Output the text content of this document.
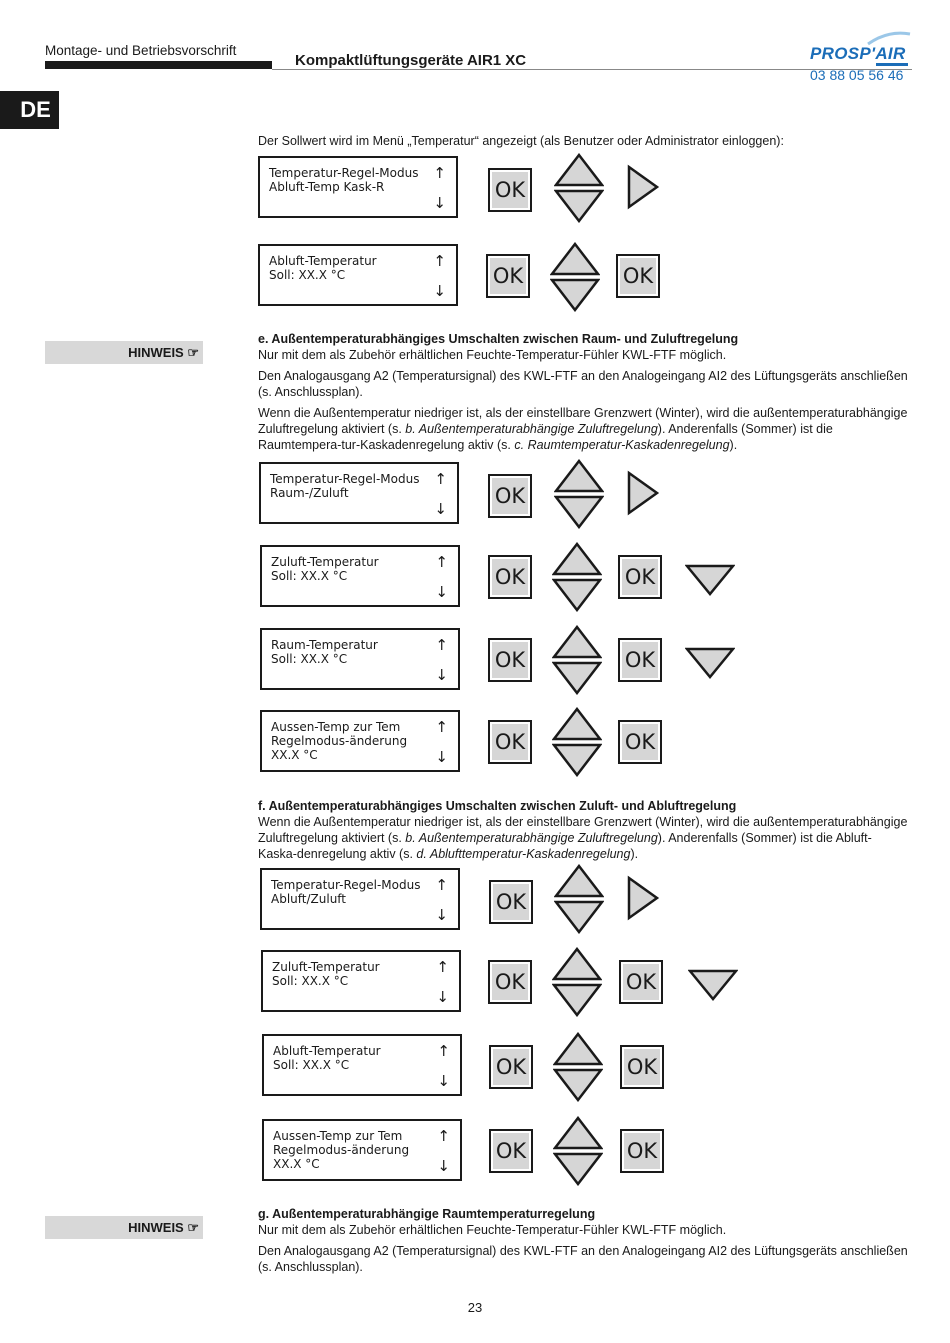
Montage- und Betriebsvorschrift
Kompaktlüftungsgeräte AIR1 XC	PROSP'AIR
03 88 05 56 46
DE
Der Sollwert wird im Menü „Temperatur“ angezeigt (als Benutzer oder Administrator einloggen):
Temperatur-Regel-Modus
Abluft-Temp Kask-R
↑
↓
OK
Abluft-Temperatur
Soll: XX.X °C
↑
↓
OK	OK
HINWEIS ☞
e. Außentemperaturabhängiges Umschalten zwischen Raum- und Zuluftregelung
Nur mit dem als Zubehör erhältlichen Feuchte-Temperatur-Fühler KWL-FTF möglich.
Den Analogausgang A2 (Temperatursignal) des KWL-FTF an den Analogeingang AI2 des Lüftungsgeräts anschließen (s. Anschlussplan).
Wenn die Außentemperatur niedriger ist, als der einstellbare Grenzwert (Winter), wird die außentemperaturabhängige Zuluftregelung aktiviert (s. b. Außentemperaturabhängige Zuluftregelung). Anderenfalls (Sommer) ist die Raumtempera-tur-Kaskadenregelung aktiv (s. c. Raumtemperatur-Kaskadenregelung).
Temperatur-Regel-Modus
Raum-/Zuluft
↑
↓
OK
Zuluft-Temperatur
Soll: XX.X °C
↑
↓
OK	OK
Raum-Temperatur
Soll: XX.X °C
↑
↓
OK	OK
Aussen-Temp zur Tem
Regelmodus-änderung
XX.X °C
↑
↓
OK	OK
f. Außentemperaturabhängiges Umschalten zwischen Zuluft- und Abluftregelung
Wenn die Außentemperatur niedriger ist, als der einstellbare Grenzwert (Winter), wird die außentemperaturabhängige Zuluftregelung aktiviert (s. b. Außentemperaturabhängige Zuluftregelung). Anderenfalls (Sommer) ist die Abluft-Kaska-denregelung aktiv (s. d. Ablufttemperatur-Kaskadenregelung).
Temperatur-Regel-Modus
Abluft/Zuluft
↑
↓
OK
Zuluft-Temperatur
Soll: XX.X °C
↑
↓
OK	OK
Abluft-Temperatur
Soll: XX.X °C
↑
↓
OK	OK
Aussen-Temp zur Tem
Regelmodus-änderung
XX.X °C
↑
↓
OK	OK
HINWEIS ☞
g. Außentemperaturabhängige Raumtemperaturregelung
Nur mit dem als Zubehör erhältlichen Feuchte-Temperatur-Fühler KWL-FTF möglich.
Den Analogausgang A2 (Temperatursignal) des KWL-FTF an den Analogeingang AI2 des Lüftungsgeräts anschließen (s. Anschlussplan).
23
